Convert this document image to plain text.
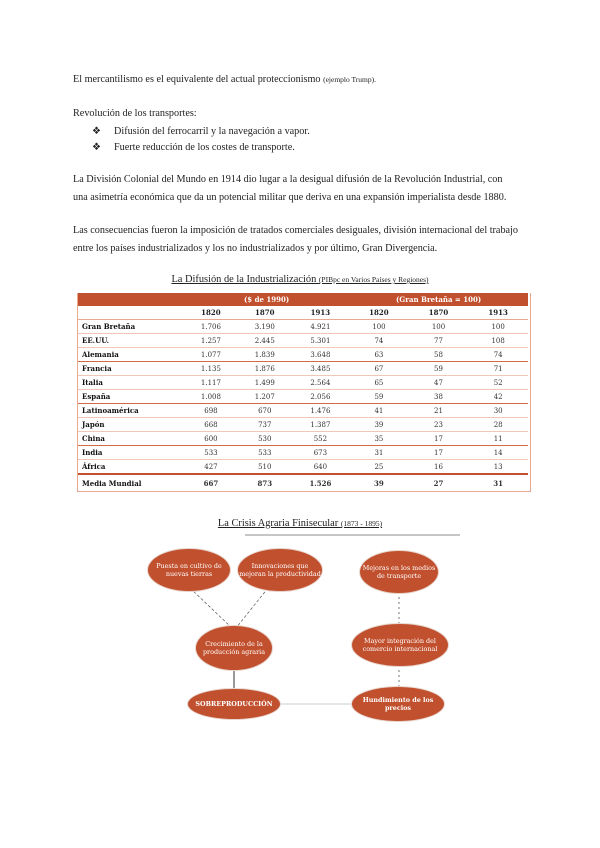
El mercantilismo es el equivalente del actual proteccionismo (ejemplo Trump).
Revolución de los transportes:
❖ Difusión del ferrocarril y la navegación a vapor.
❖ Fuerte reducción de los costes de transporte.
La División Colonial del Mundo en 1914 dio lugar a la desigual difusión de la Revolución Industrial, con
una asimetría económica que da un potencial militar que deriva en una expansión imperialista desde 1880.
Las consecuencias fueron la imposición de tratados comerciales desiguales, división internacional del trabajo
entre los países industrializados y los no industrializados y por último, Gran Divergencia.
La Difusión de la Industrialización (PIBpc en Varios Países y Regiones)
	($ de 1990)			(Gran Bretaña = 100)		
	1820	1870	1913	1820	1870	1913
Gran Bretaña	1.706	3.190	4.921	100	100	100
EE.UU.	1.257	2.445	5.301	74	77	108
Alemania	1.077	1.839	3.648	63	58	74
Francia	1.135	1.876	3.485	67	59	71
Italia	1.117	1.499	2.564	65	47	52
España	1.008	1.207	2.056	59	38	42
Latinoamérica	698	670	1.476	41	21	30
Japón	668	737	1.387	39	23	28
China	600	530	552	35	17	11
India	533	533	673	31	17	14
África	427	510	640	25	16	13
Media Mundial	667	873	1.526	39	27	31
La Crisis Agraria Finisecular (1873 - 1895)
Puesta en cultivo de nuevas tierras
Innovaciones que mejoran la productividad
Mejoras en los medios de transporte
Crecimiento de la producción agraria
Mayor integración del comercio internacional
SOBREPRODUCCIÓN
Hundimiento de los precios
